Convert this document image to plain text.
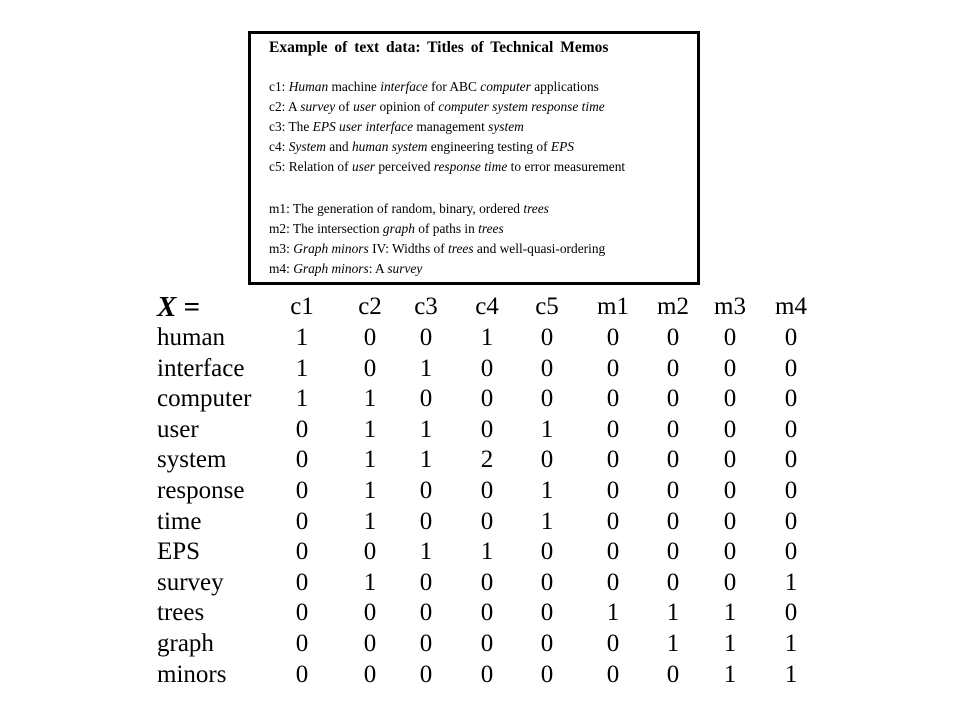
Example of text data: Titles of Technical Memos
c1: Human machine interface for ABC computer applications
c2: A survey of user opinion of computer system response time
c3: The EPS user interface management system
c4: System and human system engineering testing of EPS
c5: Relation of user perceived response time to error measurement
m1: The generation of random, binary, ordered trees
m2: The intersection graph of paths in trees
m3: Graph minors IV: Widths of trees and well-quasi-ordering
m4: Graph minors: A survey
X =	c1	c2	c3	c4	c5	m1	m2	m3	m4
human	1	0	0	1	0	0	0	0	0
interface	1	0	1	0	0	0	0	0	0
computer	1	1	0	0	0	0	0	0	0
user	0	1	1	0	1	0	0	0	0
system	0	1	1	2	0	0	0	0	0
response	0	1	0	0	1	0	0	0	0
time	0	1	0	0	1	0	0	0	0
EPS	0	0	1	1	0	0	0	0	0
survey	0	1	0	0	0	0	0	0	1
trees	0	0	0	0	0	1	1	1	0
graph	0	0	0	0	0	0	1	1	1
minors	0	0	0	0	0	0	0	1	1
